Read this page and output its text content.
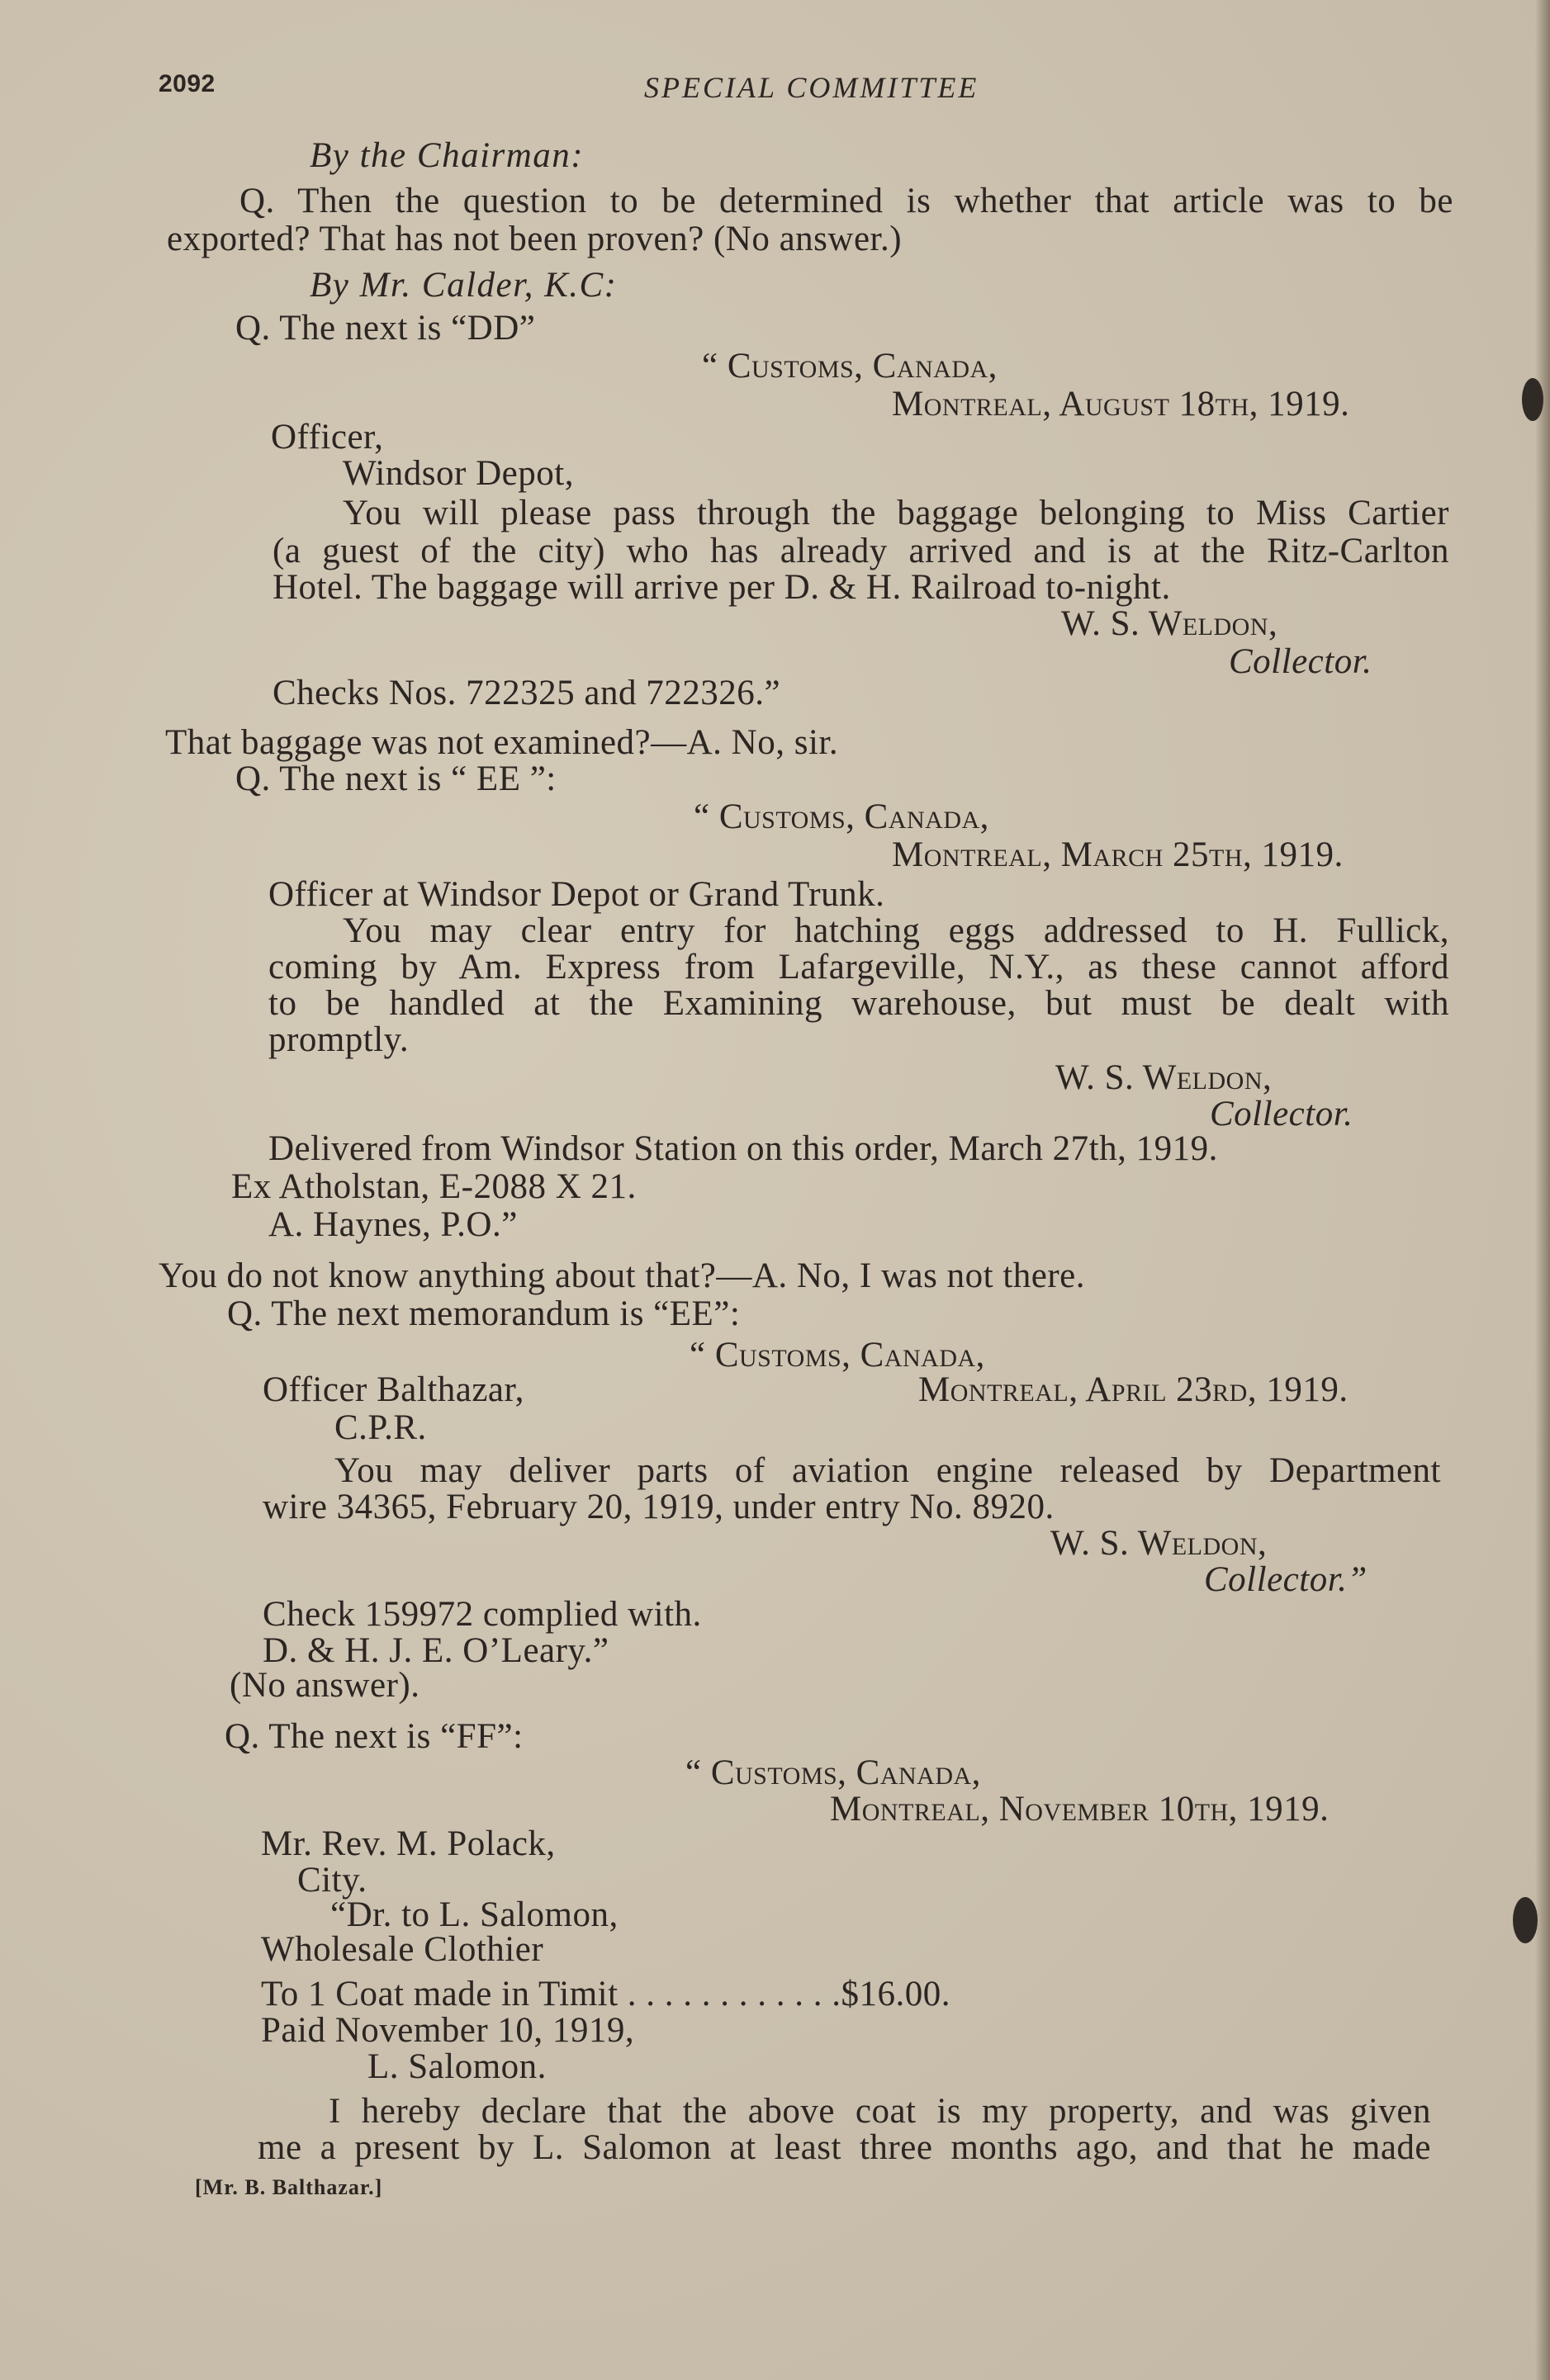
2092	SPECIAL COMMITTEE
By the Chairman:
Q. Then the question to be determined is whether that article was to be
exported? That has not been proven? (No answer.)
By Mr. Calder, K.C:
Q. The next is “DD”
“ Customs, Canada,
Montreal, August 18th, 1919.
Officer,
Windsor Depot,
You will please pass through the baggage belonging to Miss Cartier
(a guest of the city) who has already arrived and is at the Ritz-Carlton
Hotel. The baggage will arrive per D. & H. Railroad to-night.
W. S. Weldon,
Collector.
Checks Nos. 722325 and 722326.”
That baggage was not examined?—A. No, sir.
Q. The next is “ EE ”:
“ Customs, Canada,
Montreal, March 25th, 1919.
Officer at Windsor Depot or Grand Trunk.
You may clear entry for hatching eggs addressed to H. Fullick,
coming by Am. Express from Lafargeville, N.Y., as these cannot afford
to be handled at the Examining warehouse, but must be dealt with
promptly.
W. S. Weldon,
Collector.
Delivered from Windsor Station on this order, March 27th, 1919.
Ex Atholstan, E-2088 X 21.
A. Haynes, P.O.”
You do not know anything about that?—A. No, I was not there.
Q. The next memorandum is “EE”:
“ Customs, Canada,
Officer Balthazar,	Montreal, April 23rd, 1919.
C.P.R.
You may deliver parts of aviation engine released by Department
wire 34365, February 20, 1919, under entry No. 8920.
W. S. Weldon,
Collector.”
Check 159972 complied with.
D. & H. J. E. O’Leary.”
(No answer).
Q. The next is “FF”:
“ Customs, Canada,
Montreal, November 10th, 1919.
Mr. Rev. M. Polack,
City.
“Dr. to L. Salomon,
Wholesale Clothier
To 1 Coat made in Timit . . . . . . . . . . . .$16.00.
Paid November 10, 1919,
L. Salomon.
I hereby declare that the above coat is my property, and was given
me a present by L. Salomon at least three months ago, and that he made
[Mr. B. Balthazar.]
